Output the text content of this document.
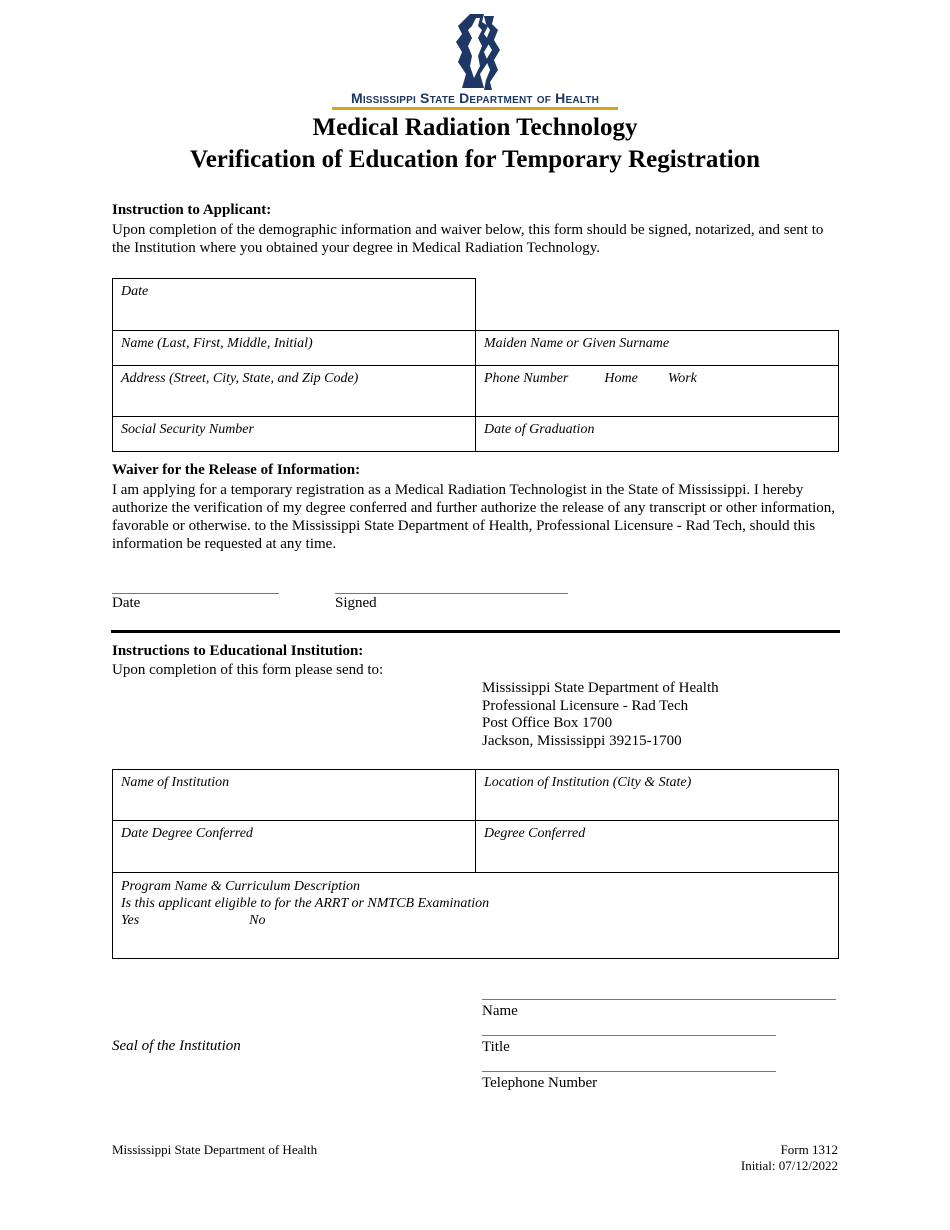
Mississippi State Department of Health
Medical Radiation Technology
Verification of Education for Temporary Registration
Instruction to Applicant:
Upon completion of the demographic information and waiver below, this form should be signed, notarized, and sent to the Institution where you obtained your degree in Medical Radiation Technology.
Date	
Name (Last, First, Middle, Initial)	Maiden Name or Given Surname
Address (Street, City, State, and Zip Code)	Phone Number Home Work
Social Security Number	Date of Graduation
Waiver for the Release of Information:
I am applying for a temporary registration as a Medical Radiation Technologist in the State of Mississippi. I hereby authorize the verification of my degree conferred and further authorize the release of any transcript or other information, favorable or otherwise. to the Mississippi State Department of Health, Professional Licensure - Rad Tech, should this information be requested at any time.
Date	Signed
Instructions to Educational Institution:
Upon completion of this form please send to:
Mississippi State Department of Health
Professional Licensure - Rad Tech
Post Office Box 1700
Jackson, Mississippi 39215-1700
Name of Institution	Location of Institution (City & State)
Date Degree Conferred	Degree Conferred

Program Name & Curriculum Description
Is this applicant eligible to for the ARRT or NMTCB Examination
Yes No	
Name
Seal of the Institution	Title
Telephone Number
Mississippi State Department of Health	Form 1312
Initial: 07/12/2022
